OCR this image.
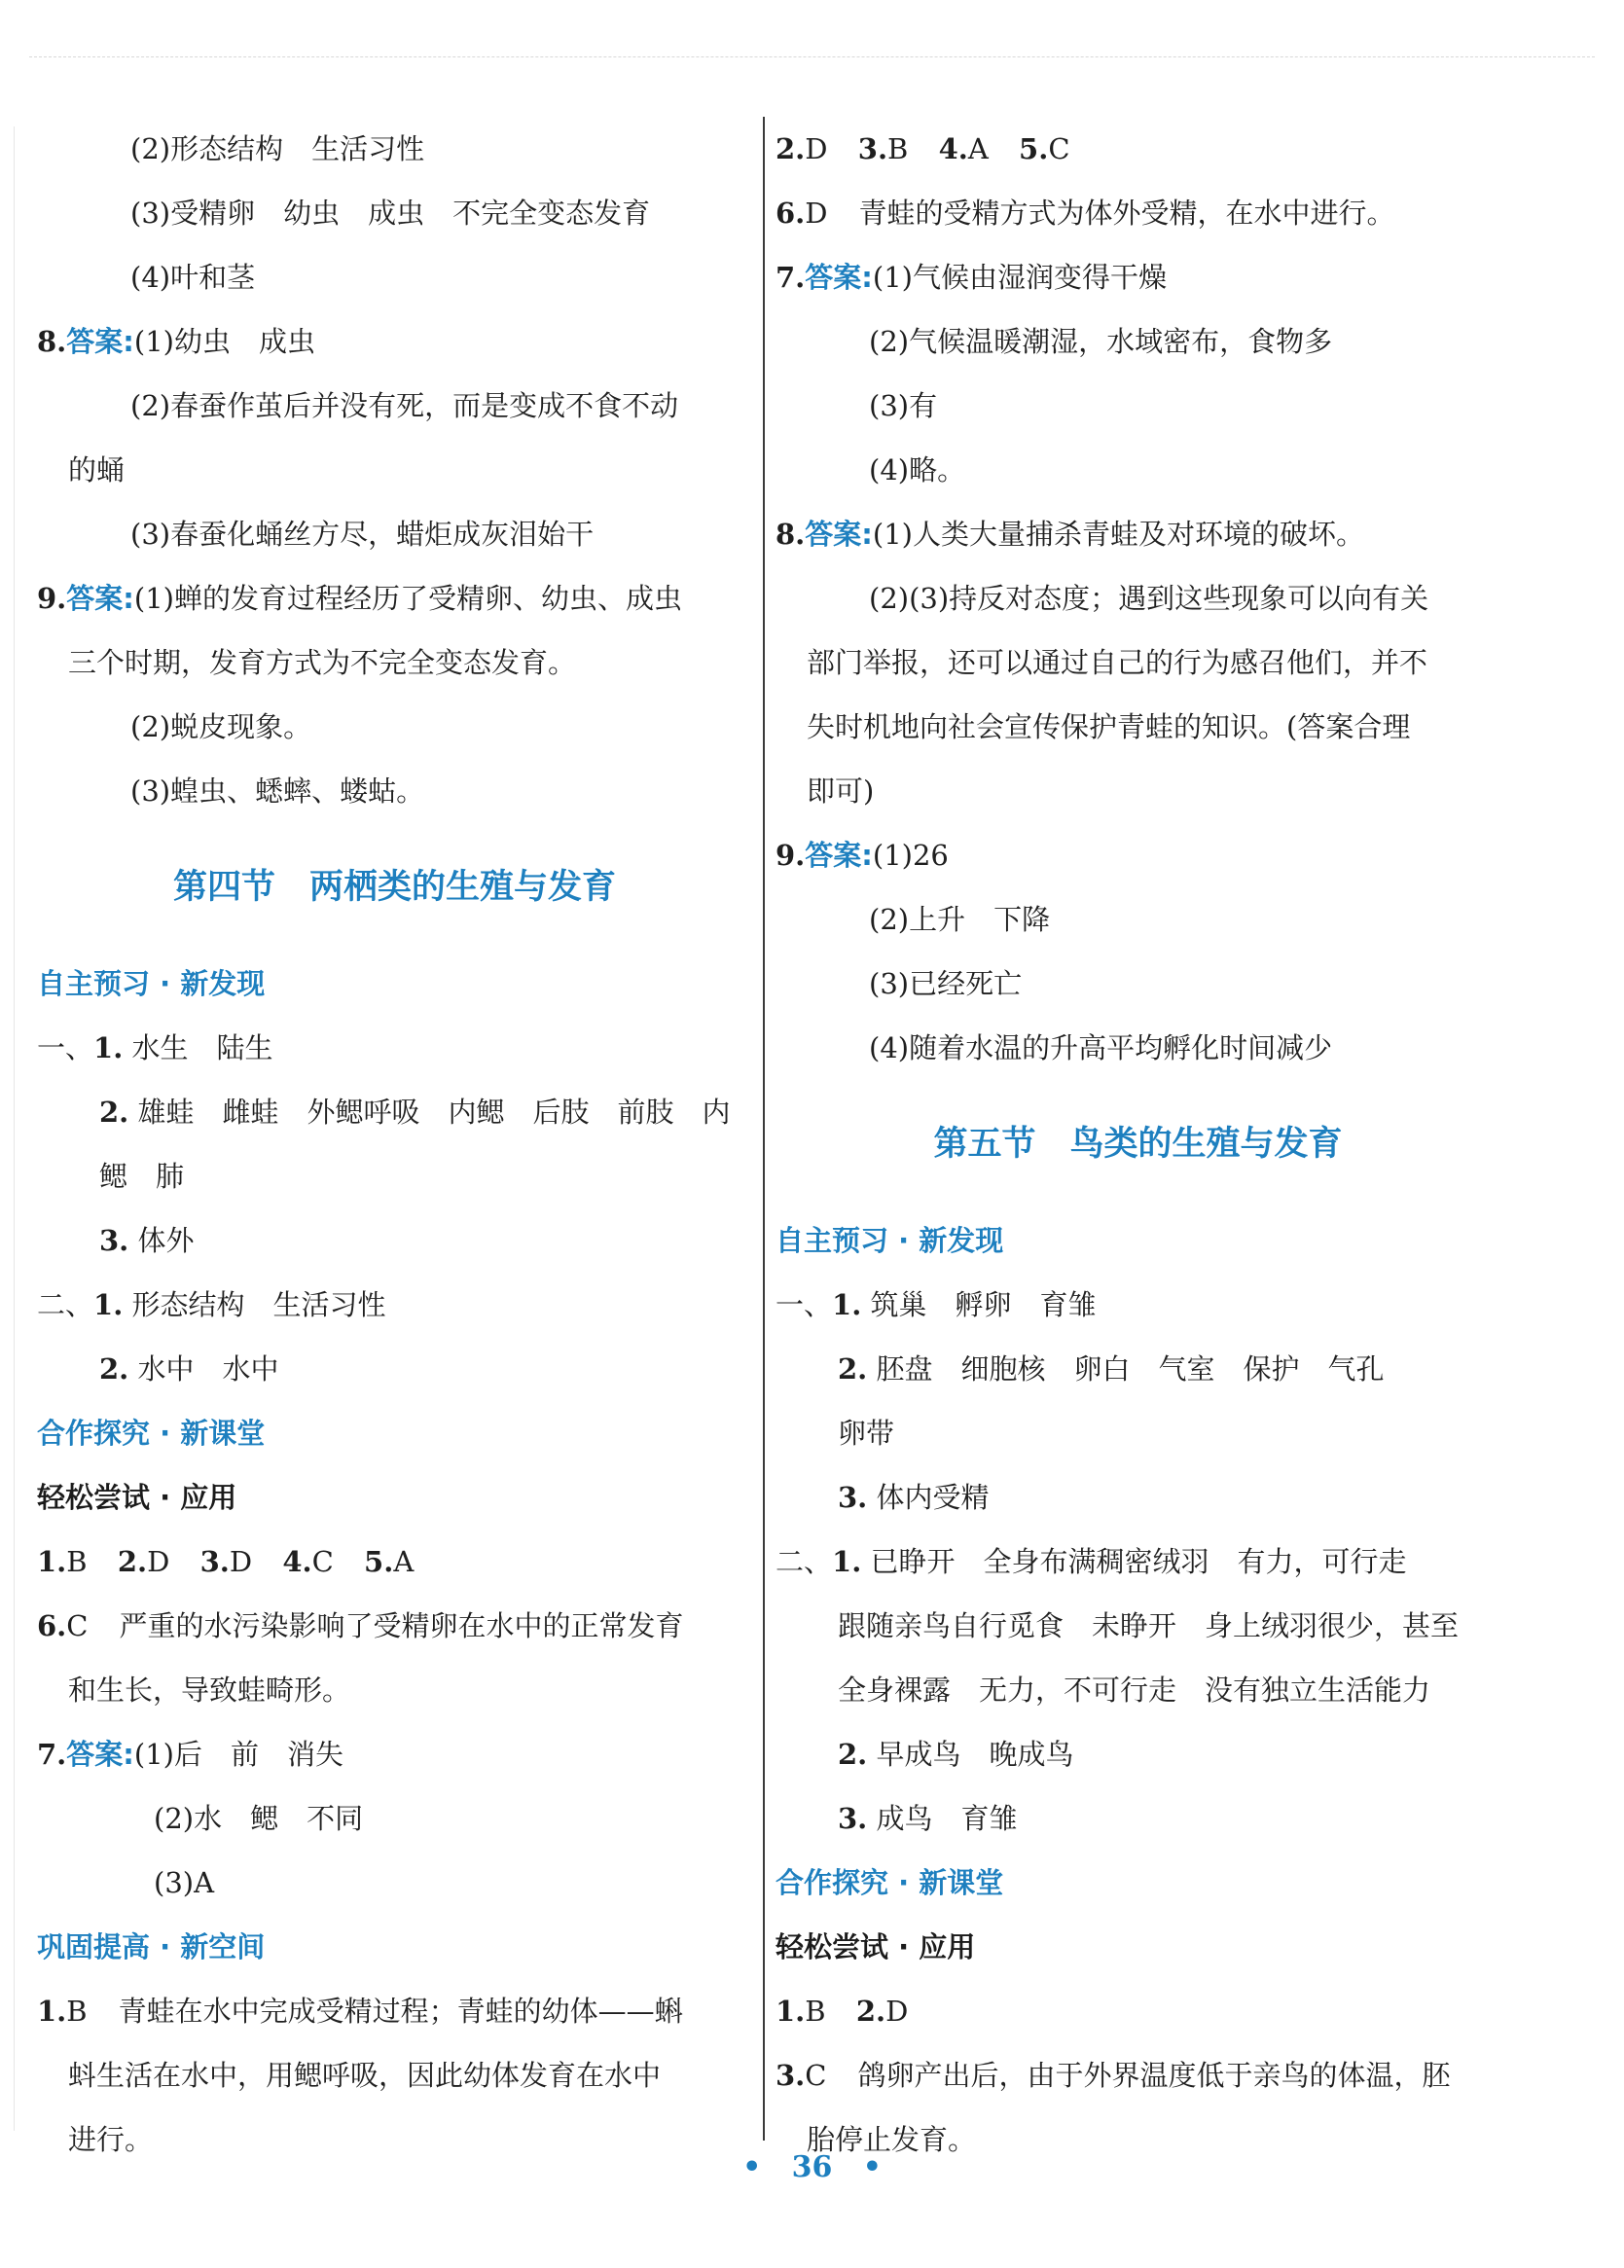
(2)形态结构　生活习性
(3)受精卵　幼虫　成虫　不完全变态发育
(4)叶和茎
8.答案:(1)幼虫　成虫
(2)春蚕作茧后并没有死，而是变成不食不动
的蛹
(3)春蚕化蛹丝方尽，蜡炬成灰泪始干
9.答案:(1)蝉的发育过程经历了受精卵、幼虫、成虫
三个时期，发育方式为不完全变态发育。
(2)蜕皮现象。
(3)蝗虫、蟋蟀、蝼蛄。
第四节　两栖类的生殖与发育
自主预习 · 新发现
一、1. 水生　陆生
2. 雄蛙　雌蛙　外鳃呼吸　内鳃　后肢　前肢　内
鳃　肺
3. 体外
二、1. 形态结构　生活习性
2. 水中　水中
合作探究 · 新课堂
轻松尝试 · 应用
1.B 2.D 3.D 4.C 5.A
6.C 严重的水污染影响了受精卵在水中的正常发育
和生长，导致蛙畸形。
7.答案:(1)后　前　消失
(2)水　鳃　不同
(3)A
巩固提高 · 新空间
1.B 青蛙在水中完成受精过程；青蛙的幼体——蝌
蚪生活在水中，用鳃呼吸，因此幼体发育在水中
进行。
2.D 3.B 4.A 5.C
6.D 青蛙的受精方式为体外受精，在水中进行。
7.答案:(1)气候由湿润变得干燥
(2)气候温暖潮湿，水域密布，食物多
(3)有
(4)略。
8.答案:(1)人类大量捕杀青蛙及对环境的破坏。
(2)(3)持反对态度；遇到这些现象可以向有关
部门举报，还可以通过自己的行为感召他们，并不
失时机地向社会宣传保护青蛙的知识。(答案合理
即可)
9.答案:(1)26
(2)上升　下降
(3)已经死亡
(4)随着水温的升高平均孵化时间减少
第五节　鸟类的生殖与发育
自主预习 · 新发现
一、1. 筑巢　孵卵　育雏
2. 胚盘　细胞核　卵白　气室　保护　气孔
卵带
3. 体内受精
二、1. 已睁开　全身布满稠密绒羽　有力，可行走
跟随亲鸟自行觅食　未睁开　身上绒羽很少，甚至
全身裸露　无力，不可行走　没有独立生活能力
2. 早成鸟　晚成鸟
3. 成鸟　育雏
合作探究 · 新课堂
轻松尝试 · 应用
1.B 2.D
3.C 鸽卵产出后，由于外界温度低于亲鸟的体温，胚
胎停止发育。
• 36 •
